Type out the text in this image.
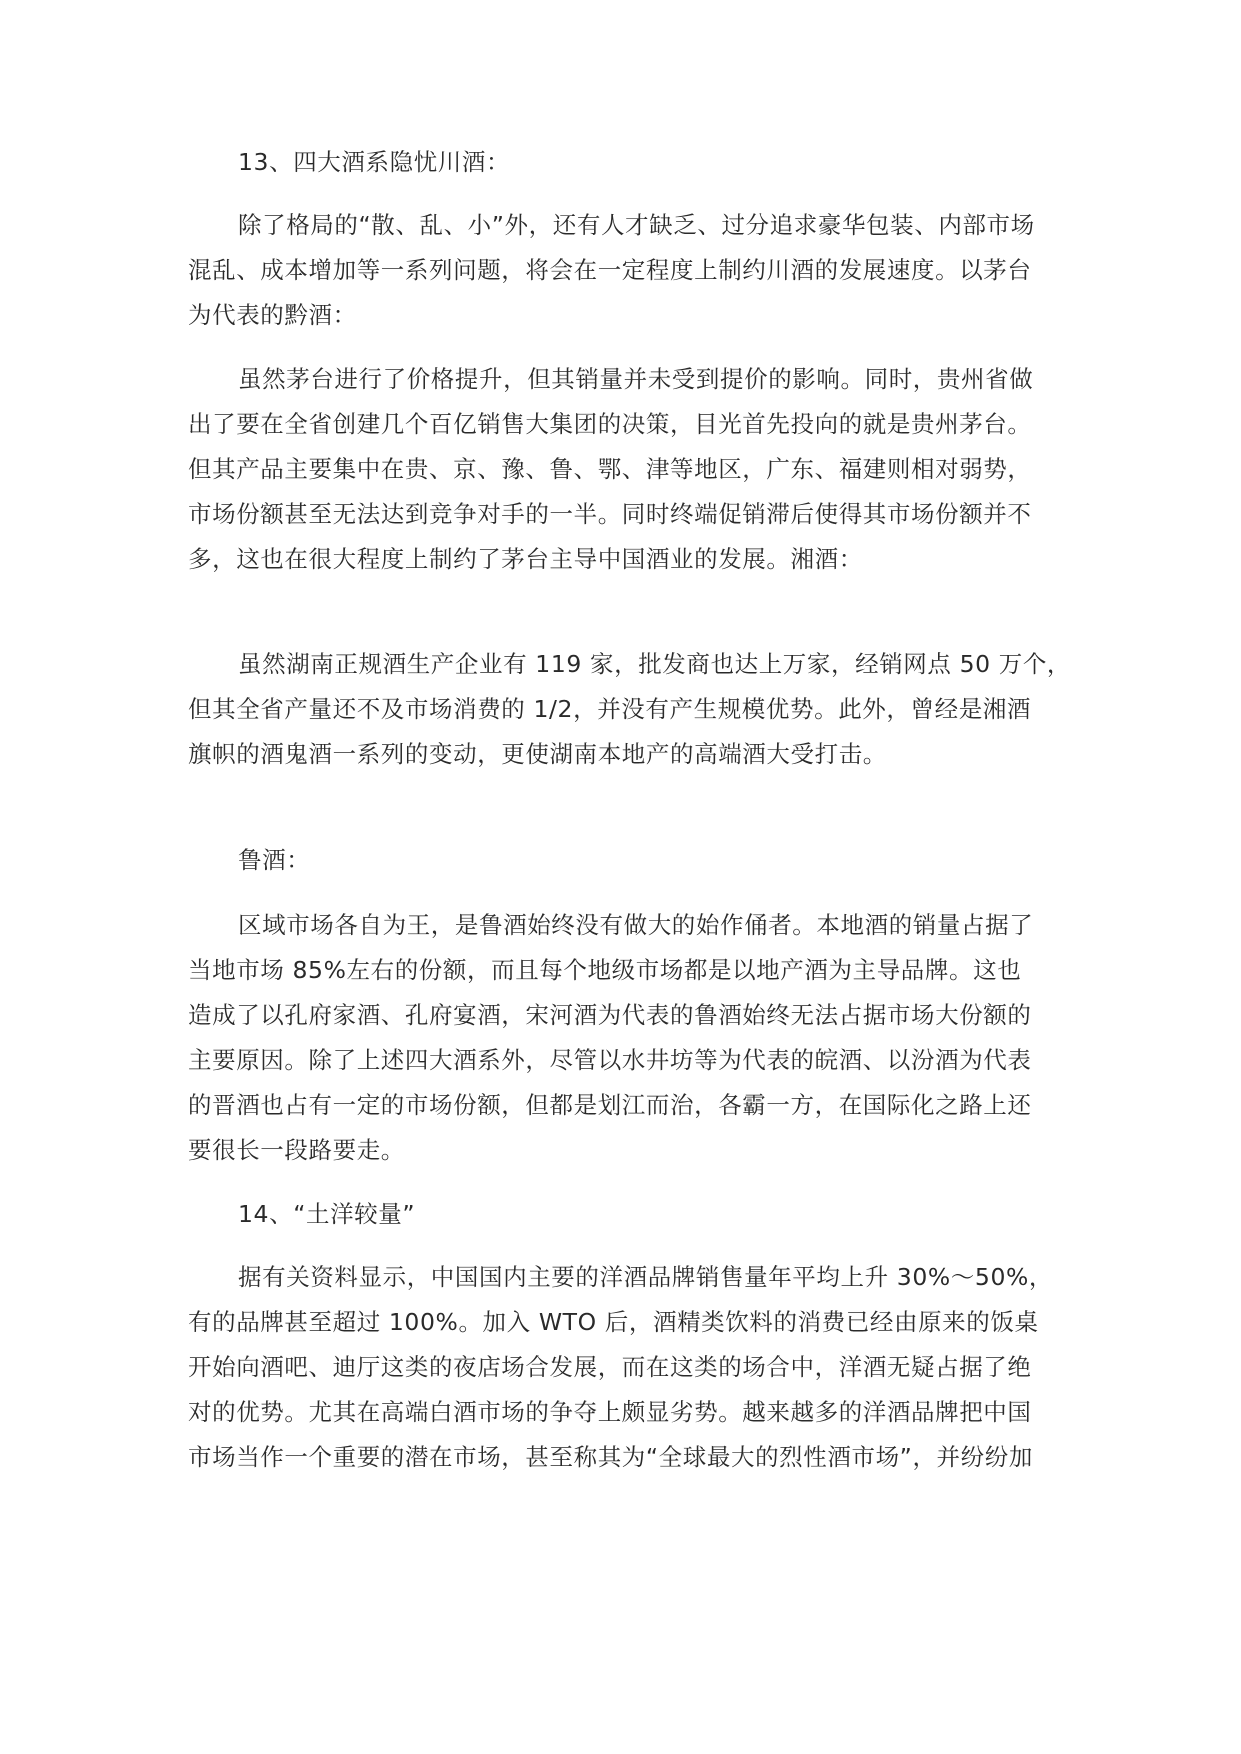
13、四大酒系隐忧川酒：

除了格局的“散、乱、小”外，还有人才缺乏、过分追求豪华包装、内部市场

混乱、成本增加等一系列问题，将会在一定程度上制约川酒的发展速度。以茅台

为代表的黔酒：

虽然茅台进行了价格提升，但其销量并未受到提价的影响。同时，贵州省做

出了要在全省创建几个百亿销售大集团的决策，目光首先投向的就是贵州茅台。

但其产品主要集中在贵、京、豫、鲁、鄂、津等地区，广东、福建则相对弱势，

市场份额甚至无法达到竞争对手的一半。同时终端促销滞后使得其市场份额并不

多，这也在很大程度上制约了茅台主导中国酒业的发展。湘酒：

虽然湖南正规酒生产企业有 119 家，批发商也达上万家，经销网点 50 万个，

但其全省产量还不及市场消费的 1/2，并没有产生规模优势。此外，曾经是湘酒

旗帜的酒鬼酒一系列的变动，更使湖南本地产的高端酒大受打击。

鲁酒：

区域市场各自为王，是鲁酒始终没有做大的始作俑者。本地酒的销量占据了

当地市场 85%左右的份额，而且每个地级市场都是以地产酒为主导品牌。这也

造成了以孔府家酒、孔府宴酒，宋河酒为代表的鲁酒始终无法占据市场大份额的

主要原因。除了上述四大酒系外，尽管以水井坊等为代表的皖酒、以汾酒为代表

的晋酒也占有一定的市场份额，但都是划江而治，各霸一方，在国际化之路上还

要很长一段路要走。

14、“土洋较量”

据有关资料显示，中国国内主要的洋酒品牌销售量年平均上升 30%～50%，

有的品牌甚至超过 100%。加入 WTO 后，酒精类饮料的消费已经由原来的饭桌

开始向酒吧、迪厅这类的夜店场合发展，而在这类的场合中，洋酒无疑占据了绝

对的优势。尤其在高端白酒市场的争夺上颇显劣势。越来越多的洋酒品牌把中国

市场当作一个重要的潜在市场，甚至称其为“全球最大的烈性酒市场”，并纷纷加
